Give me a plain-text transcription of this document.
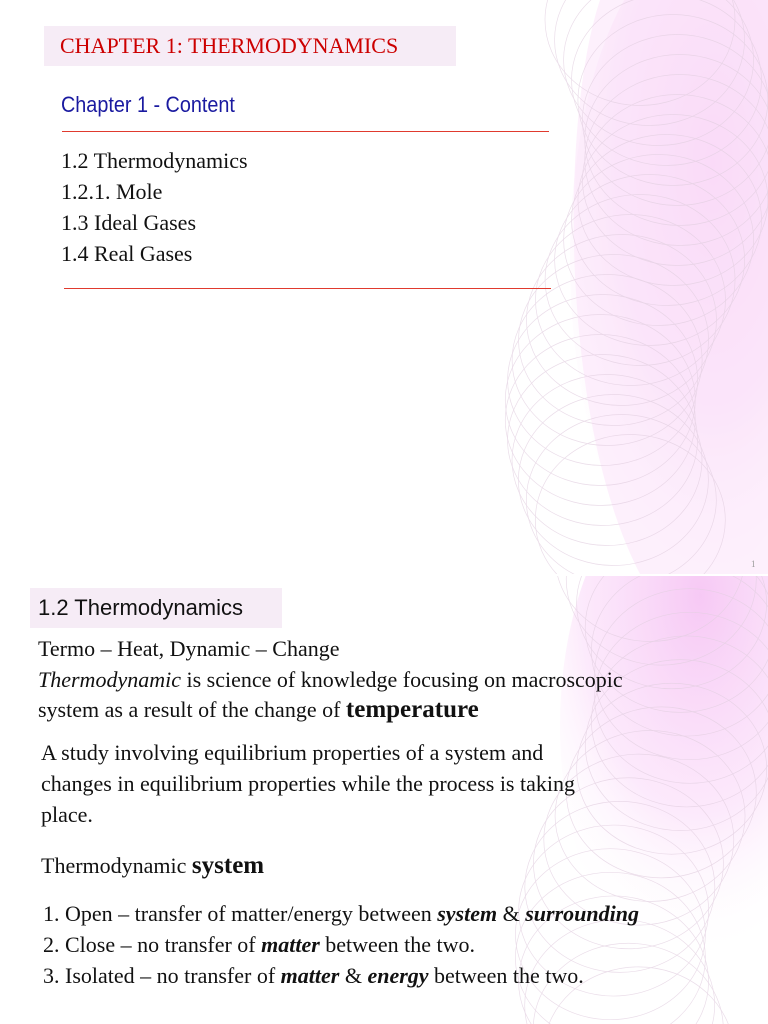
CHAPTER 1: THERMODYNAMICS
Chapter 1 - Content
1.2 Thermodynamics
1.2.1. Mole
1.3 Ideal Gases
1.4 Real Gases
1
1.2 Thermodynamics
Termo – Heat, Dynamic – Change
Thermodynamic is science of knowledge focusing on macroscopic
system as a result of the change of temperature
A study involving equilibrium properties of a system and
changes in equilibrium properties while the process is taking
place.
Thermodynamic system
1. Open – transfer of matter/energy between system & surrounding
2. Close – no transfer of matter between the two.
3. Isolated – no transfer of matter & energy between the two.
